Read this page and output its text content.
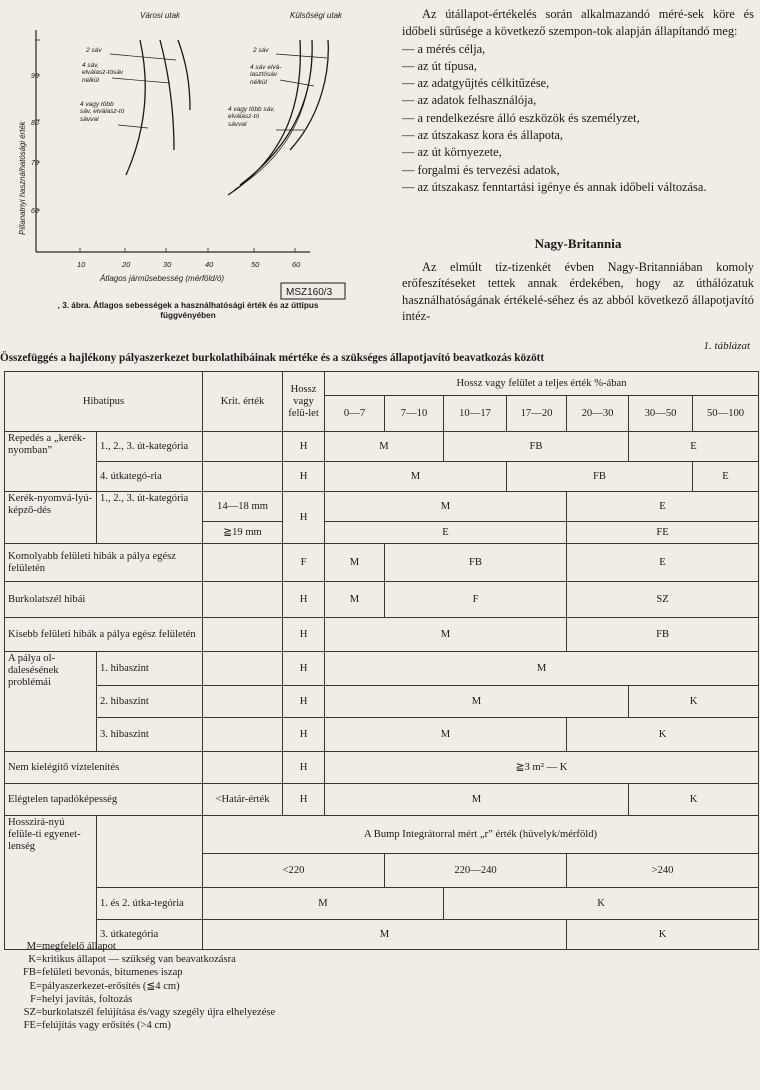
Városi utak	Külsőségi utak
Pillanatnyi használhatósági érték
Átlagos járműsebesség (mérföld/ó)
60
70
80
90
10	20	30	40	50	60
2 sáv
4 sáv, elválasz-tósáv nélkül
4 vagy több sáv, elválasz-tó sávval
2 sáv
4 sáv elvá-lasztósáv nélkül
4 vagy több sáv, elválasz-tó sávval
MSZ160/3
‚ 3. ábra. Átlagos sebességek a használhatósági érték és az úttípus
függvényében

Az útállapot-értékelés során alkalmazandó méré-sek köre és időbeli sűrűsége a következő szempon-tok alapján állapítandó meg:

— a mérés célja,

— az út típusa,

— az adatgyűjtés célkitűzése,

— az adatok felhasználója,

— a rendelkezésre álló eszközök és személyzet,

— az útszakasz kora és állapota,

— az út környezete,

— forgalmi és tervezési adatok,

— az útszakasz fenntartási igénye és annak időbeli változása.

Nagy-Britannia
Az elmúlt tíz-tizenkét évben Nagy-Britanniában komoly erőfeszítéseket tettek annak érdekében, hogy az úthálózatuk használhatóságának értékelé-séhez és az abból következő állapotjavító intéz-
1. táblázat
Összefüggés a hajlékony pályaszerkezet burkolathibáinak mértéke és a szükséges állapotjavító beavatkozás között
Hibatípus		Krit. érték	Hossz vagy felü-let	Hossz vagy felület a teljes érték %-ában						
				0—7	7—10	10—17	17—20	20—30	30—50	50—100
Repedés a „kerék-nyomban”	1., 2., 3. út-kategória		H	M		FB			E	
	4. útkategó-ria		H	M			FB			E
Kerék-nyomvá-lyú-képző-dés	1., 2., 3. út-kategória	14—18 mm	H	M				E		
		≧19 mm		E				FE		
Komolyabb felületi hibák a pálya egész felületén			F	M	FB			E		
Burkolatszél hibái			H	M	F			SZ		
Kisebb felületi hibák a pálya egész felületén			H	M				FB		
A pálya ol-dalesésének problémái	1. hibaszint		H	M						
	2. hibaszint		H	M					K	
	3. hibaszint		H	M				K		
Nem kielégítő víztelenítés			H	≧3 m² — K						
Elégtelen tapadóképesség		<Határ-érték	H	M					K	
Hosszirá-nyú felüle-ti egyenet-lenség		A Bump Integrátorral mért „r” érték (hüvelyk/mérföld)								
		<220			220—240			>240		
	1. és 2. útka-tegória	M				K				
	3. útkategória	M						K		
M=megfelelő állapot
K=kritikus állapot — szükség van beavatkozásra
FB=felületi bevonás, bitumenes iszap
E=pályaszerkezet-erősítés (≦4 cm)
F=helyi javítás, foltozás
SZ=burkolatszél felújítása és/vagy szegély újra elhelyezése
FE=felújítás vagy erősítés (>4 cm)
